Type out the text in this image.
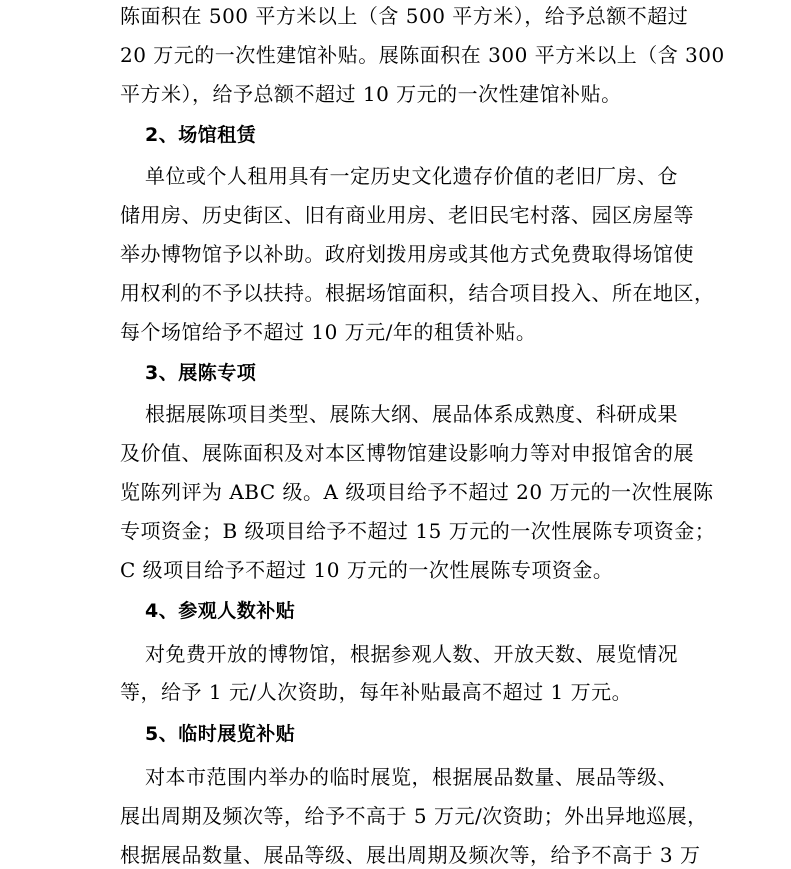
陈面积在 500 平方米以上（含 500 平方米），给予总额不超过
20 万元的一次性建馆补贴。展陈面积在 300 平方米以上（含 300
平方米），给予总额不超过 10 万元的一次性建馆补贴。
2、场馆租赁
单位或个人租用具有一定历史文化遗存价值的老旧厂房、仓
储用房、历史街区、旧有商业用房、老旧民宅村落、园区房屋等
举办博物馆予以补助。政府划拨用房或其他方式免费取得场馆使
用权利的不予以扶持。根据场馆面积，结合项目投入、所在地区，
每个场馆给予不超过 10 万元/年的租赁补贴。
3、展陈专项
根据展陈项目类型、展陈大纲、展品体系成熟度、科研成果
及价值、展陈面积及对本区博物馆建设影响力等对申报馆舍的展
览陈列评为 ABC 级。A 级项目给予不超过 20 万元的一次性展陈
专项资金；B 级项目给予不超过 15 万元的一次性展陈专项资金；
C 级项目给予不超过 10 万元的一次性展陈专项资金。
4、参观人数补贴
对免费开放的博物馆，根据参观人数、开放天数、展览情况
等，给予 1 元/人次资助，每年补贴最高不超过 1 万元。
5、临时展览补贴
对本市范围内举办的临时展览，根据展品数量、展品等级、
展出周期及频次等，给予不高于 5 万元/次资助；外出异地巡展，
根据展品数量、展品等级、展出周期及频次等，给予不高于 3 万
